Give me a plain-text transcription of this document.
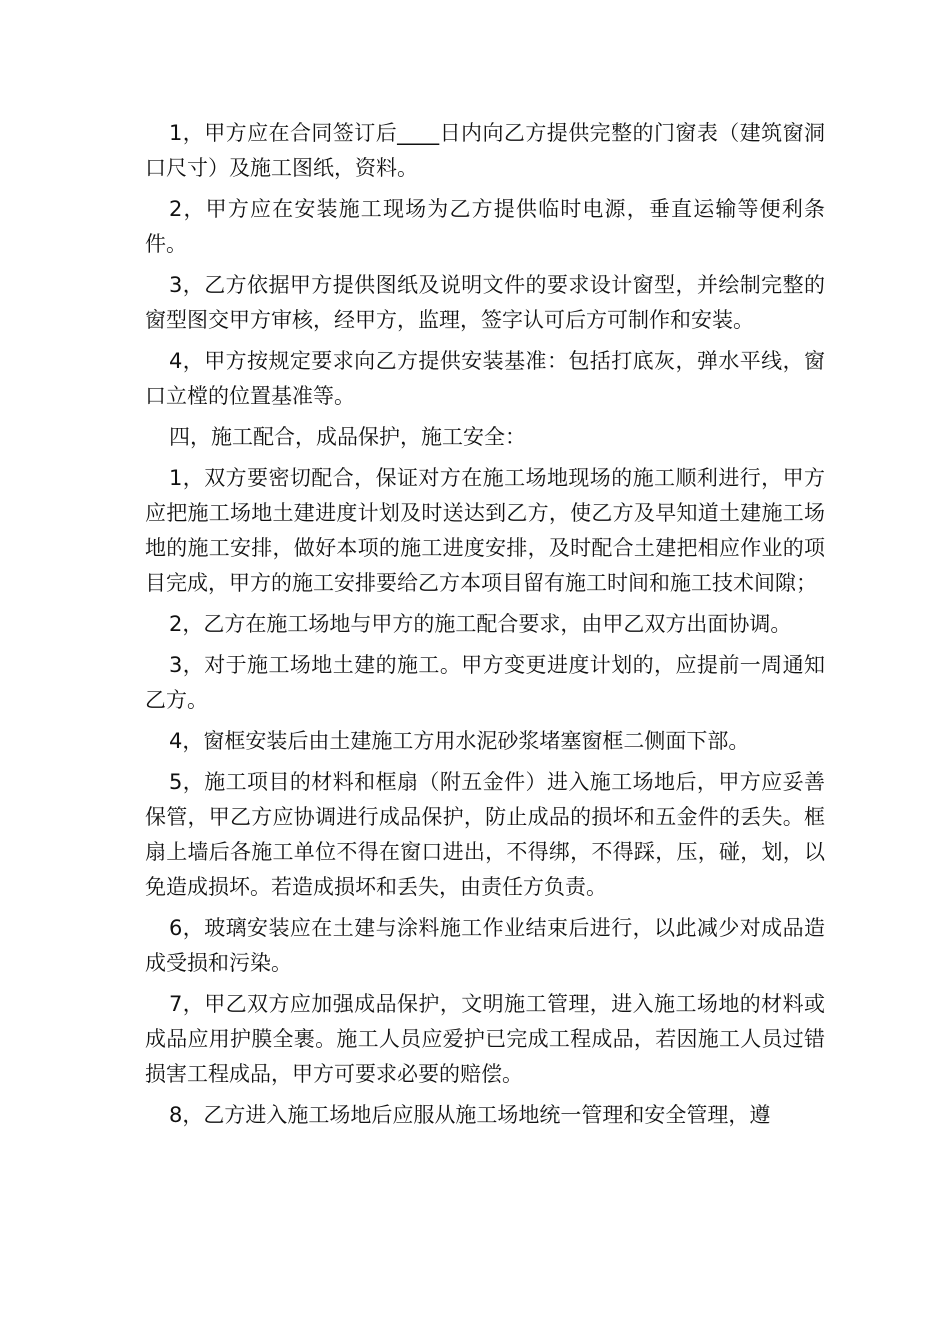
1，甲方应在合同签订后____日内向乙方提供完整的门窗表（建筑窗洞口尺寸）及施工图纸，资料。

2，甲方应在安装施工现场为乙方提供临时电源，垂直运输等便利条件。

3，乙方依据甲方提供图纸及说明文件的要求设计窗型，并绘制完整的窗型图交甲方审核，经甲方，监理，签字认可后方可制作和安装。

4，甲方按规定要求向乙方提供安装基准：包括打底灰，弹水平线，窗口立樘的位置基准等。

四，施工配合，成品保护，施工安全：

1，双方要密切配合，保证对方在施工场地现场的施工顺利进行，甲方应把施工场地土建进度计划及时送达到乙方，使乙方及早知道土建施工场地的施工安排，做好本项的施工进度安排，及时配合土建把相应作业的项目完成，甲方的施工安排要给乙方本项目留有施工时间和施工技术间隙；

2，乙方在施工场地与甲方的施工配合要求，由甲乙双方出面协调。

3，对于施工场地土建的施工。甲方变更进度计划的，应提前一周通知乙方。

4，窗框安装后由土建施工方用水泥砂浆堵塞窗框二侧面下部。

5，施工项目的材料和框扇（附五金件）进入施工场地后，甲方应妥善保管，甲乙方应协调进行成品保护，防止成品的损坏和五金件的丢失。框扇上墙后各施工单位不得在窗口进出，不得绑，不得踩，压，碰，划，以免造成损坏。若造成损坏和丢失，由责任方负责。

6，玻璃安装应在土建与涂料施工作业结束后进行，以此减少对成品造成受损和污染。

7，甲乙双方应加强成品保护，文明施工管理，进入施工场地的材料或成品应用护膜全裹。施工人员应爱护已完成工程成品，若因施工人员过错损害工程成品，甲方可要求必要的赔偿。

8，乙方进入施工场地后应服从施工场地统一管理和安全管理，遵
